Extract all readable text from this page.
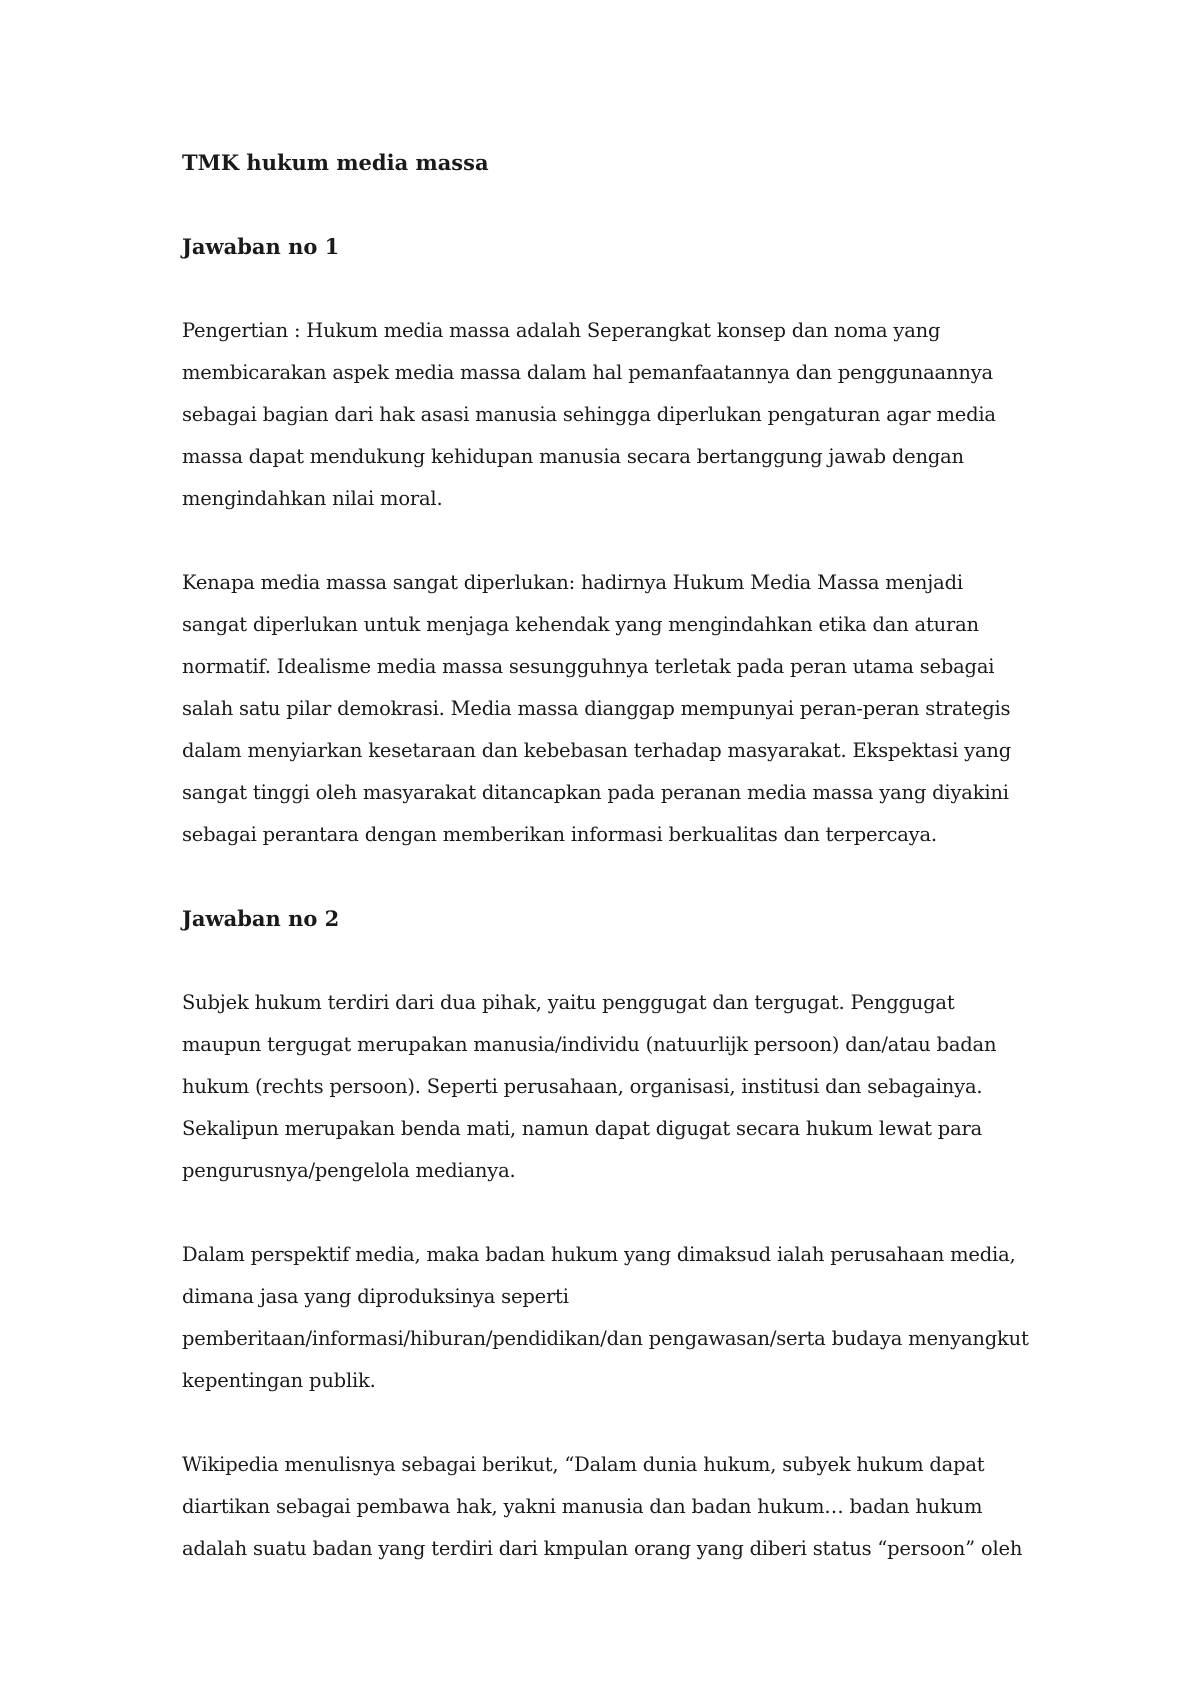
TMK hukum media massa
Jawaban no 1
Pengertian : Hukum media massa adalah Seperangkat konsep dan noma yang
membicarakan aspek media massa dalam hal pemanfaatannya dan penggunaannya
sebagai bagian dari hak asasi manusia sehingga diperlukan pengaturan agar media
massa dapat mendukung kehidupan manusia secara bertanggung jawab dengan
mengindahkan nilai moral.
Kenapa media massa sangat diperlukan: hadirnya Hukum Media Massa menjadi
sangat diperlukan untuk menjaga kehendak yang mengindahkan etika dan aturan
normatif. Idealisme media massa sesungguhnya terletak pada peran utama sebagai
salah satu pilar demokrasi. Media massa dianggap mempunyai peran-peran strategis
dalam menyiarkan kesetaraan dan kebebasan terhadap masyarakat. Ekspektasi yang
sangat tinggi oleh masyarakat ditancapkan pada peranan media massa yang diyakini
sebagai perantara dengan memberikan informasi berkualitas dan terpercaya.
Jawaban no 2
Subjek hukum terdiri dari dua pihak, yaitu penggugat dan tergugat. Penggugat
maupun tergugat merupakan manusia/individu (natuurlijk persoon) dan/atau badan
hukum (rechts persoon). Seperti perusahaan, organisasi, institusi dan sebagainya.
Sekalipun merupakan benda mati, namun dapat digugat secara hukum lewat para
pengurusnya/pengelola medianya.
Dalam perspektif media, maka badan hukum yang dimaksud ialah perusahaan media,
dimana jasa yang diproduksinya seperti
pemberitaan/informasi/hiburan/pendidikan/dan pengawasan/serta budaya menyangkut
kepentingan publik.
Wikipedia menulisnya sebagai berikut, “Dalam dunia hukum, subyek hukum dapat
diartikan sebagai pembawa hak, yakni manusia dan badan hukum… badan hukum
adalah suatu badan yang terdiri dari kmpulan orang yang diberi status “persoon” oleh
